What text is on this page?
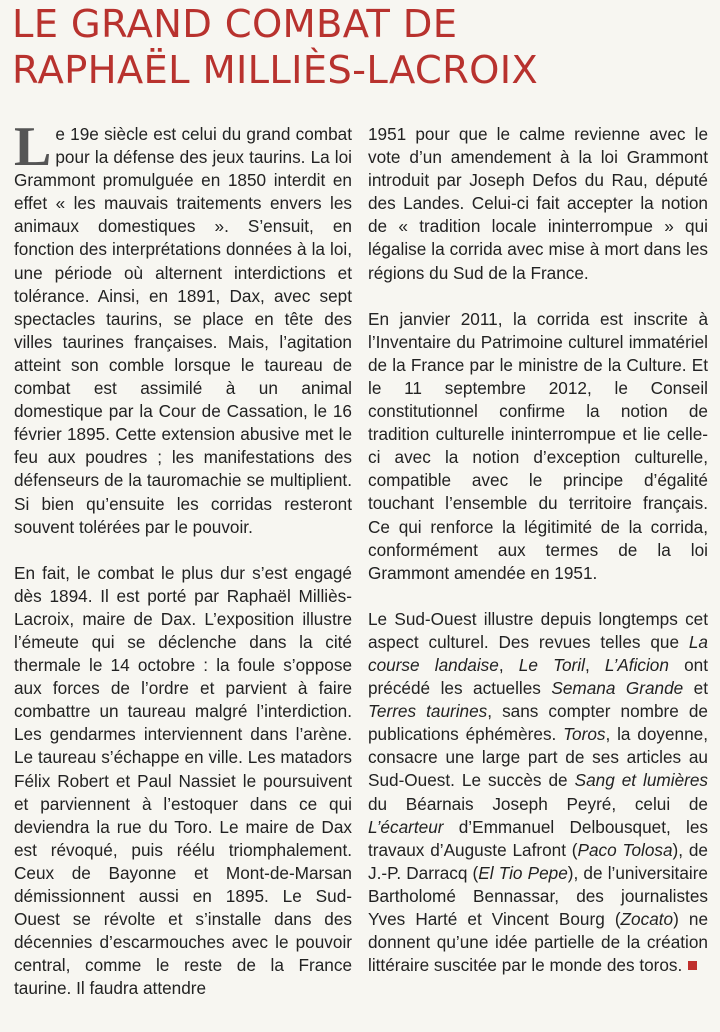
LE GRAND COMBAT DE
RAPHAËL MILLIÈS-LACROIX

Le 19e siècle est celui du grand combat pour la défense des jeux taurins. La loi Grammont promulguée en 1850 interdit en effet « les mauvais traitements envers les animaux domestiques ». S’ensuit, en fonction des interprétations données à la loi, une période où alternent interdictions et tolérance. Ainsi, en 1891, Dax, avec sept spectacles taurins, se place en tête des villes taurines françaises. Mais, l’agitation atteint son comble lorsque le taureau de combat est assimilé à un animal domestique par la Cour de Cassation, le 16 février 1895. Cette extension abusive met le feu aux poudres ; les manifestations des défenseurs de la tauromachie se multiplient. Si bien qu’ensuite les corridas resteront souvent tolérées par le pouvoir.

En fait, le combat le plus dur s’est engagé dès 1894. Il est porté par Raphaël Milliès-Lacroix, maire de Dax. L’exposition illustre l’émeute qui se déclenche dans la cité thermale le 14 octobre : la foule s’oppose aux forces de l’ordre et parvient à faire combattre un taureau malgré l’interdiction. Les gendarmes interviennent dans l’arène. Le taureau s’échappe en ville. Les matadors Félix Robert et Paul Nassiet le poursuivent et parviennent à l’estoquer dans ce qui deviendra la rue du Toro. Le maire de Dax est révoqué, puis réélu triomphalement. Ceux de Bayonne et Mont-de-Marsan démissionnent aussi en 1895. Le Sud-Ouest se révolte et s’installe dans des décennies d’escarmouches avec le pouvoir central, comme le reste de la France taurine. Il faudra attendre

1951 pour que le calme revienne avec le vote d’un amendement à la loi Grammont introduit par Joseph Defos du Rau, député des Landes. Celui-ci fait accepter la notion de « tradition locale ininterrompue » qui légalise la corrida avec mise à mort dans les régions du Sud de la France.

En janvier 2011, la corrida est inscrite à l’Inventaire du Patrimoine culturel immatériel de la France par le ministre de la Culture. Et le 11 septembre 2012, le Conseil constitutionnel confirme la notion de tradition culturelle ininterrompue et lie celle-ci avec la notion d’exception culturelle, compatible avec le principe d’égalité touchant l’ensemble du territoire français. Ce qui renforce la légitimité de la corrida, conformément aux termes de la loi Grammont amendée en 1951.

Le Sud-Ouest illustre depuis longtemps cet aspect culturel. Des revues telles que La course landaise, Le Toril, L’Aficion ont précédé les actuelles Semana Grande et Terres taurines, sans compter nombre de publications éphémères. Toros, la doyenne, consacre une large part de ses articles au Sud-Ouest. Le succès de Sang et lumières du Béarnais Joseph Peyré, celui de L’écarteur d’Emmanuel Delbousquet, les travaux d’Auguste Lafront (Paco Tolosa), de J.-P. Darracq (El Tio Pepe), de l’universitaire Bartholomé Bennassar, des journalistes Yves Harté et Vincent Bourg (Zocato) ne donnent qu’une idée partielle de la création littéraire suscitée par le monde des toros.
